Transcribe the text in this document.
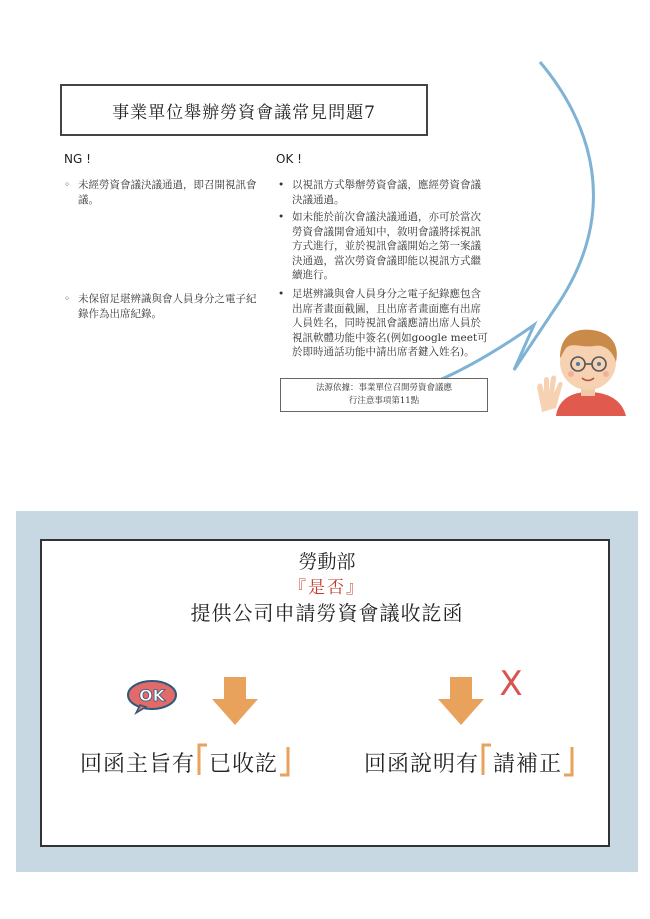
事業單位舉辦勞資會議常見問題7
NG !	OK !
◦ 未經勞資會議決議通過，即召開視訊會議。
◦ 未保留足堪辨識與會人員身分之電子紀錄作為出席紀錄。
• 以視訊方式舉辦勞資會議，應經勞資會議決議通過。
• 如未能於前次會議決議通過，亦可於當次勞資會議開會通知中，敘明會議將採視訊方式進行，並於視訊會議開始之第一案議決通過，當次勞資會議即能以視訊方式繼續進行。
• 足堪辨識與會人員身分之電子紀錄應包含出席者畫面截圖，且出席者畫面應有出席人員姓名，同時視訊會議應請出席人員於視訊軟體功能中簽名(例如google meet可於即時通話功能中請出席者鍵入姓名)。
法源依據：事業單位召開勞資會議應
行注意事項第11點
勞動部
『是否』
提供公司申請勞資會議收訖函
OK	X
回函主旨有 已收訖	回函說明有 請補正
